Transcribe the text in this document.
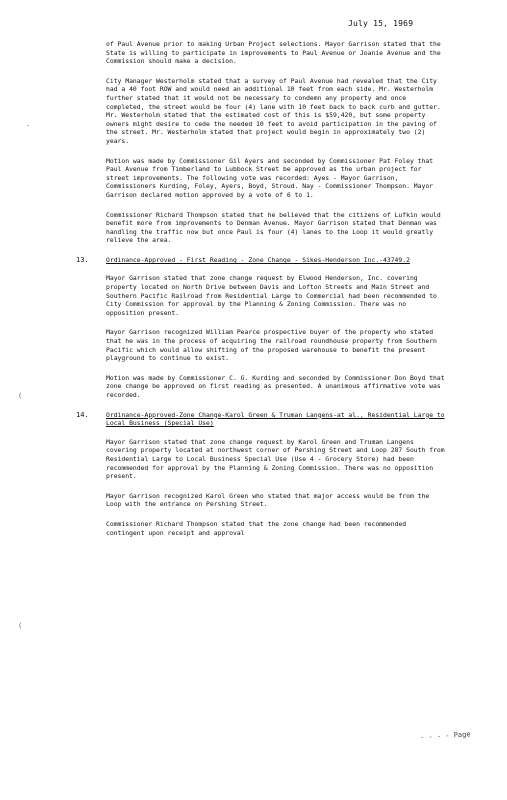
July 15, 1969
·
(
(

of Paul Avenue prior to making Urban Project selections. Mayor Garrison stated that the State is willing to participate in improvements to Paul Avenue or Joanie Avenue and the Commission should make a decision.

City Manager Westerholm stated that a survey of Paul Avenue had revealed that the City had a 40 foot ROW and would need an additional 10 feet from each side. Mr. Westerholm further stated that it would not be necessary to condemn any property and once completed, the street would be four (4) lane with 10 feet back to back curb and gutter. Mr. Westerholm stated that the estimated cost of this is $59,420, but some property owners might desire to cede the needed 10 feet to avoid participation in the paving of the street. Mr. Westerholm stated that project would begin in approximately two (2) years.

Motion was made by Commissioner Gil Ayers and seconded by Commissioner Pat Foley that Paul Avenue from Timberland to Lubbock Street be approved as the urban project for street improvements. The following vote was recorded: Ayes - Mayor Garrison, Commissioners Kurding, Foley, Ayers, Boyd, Stroud. Nay - Commissioner Thompson. Mayor Garrison declared motion approved by a vote of 6 to 1.

Commissioner Richard Thompson stated that he believed that the citizens of Lufkin would benefit more from improvements to Denman Avenue. Mayor Garrison stated that Denman was handling the traffic now but once Paul is four (4) lanes to the Loop it would greatly relieve the area.

13.	Ordinance-Approved - First Reading - Zone Change - Sikes-Henderson Inc.-43749.2

Mayor Garrison stated that zone change request by Elwood Henderson, Inc. covering property located on North Drive between Davis and Lofton Streets and Main Street and Southern Pacific Railroad from Residential Large to Commercial had been recommended to City Commission for approval by the Planning & Zoning Commission. There was no opposition present.

Mayor Garrison recognized William Pearce prospective buyer of the property who stated that he was in the process of acquiring the railroad roundhouse property from Southern Pacific which would allow shifting of the proposed warehouse to benefit the present playground to continue to exist.

Motion was made by Commissioner C. G. Kurding and seconded by Commissioner Don Boyd that zone change be approved on first reading as presented. A unanimous affirmative vote was recorded.

14.	Ordinance-Approved-Zone Change-Karol Green & Truman Langens-at al., Residential Large to Local Business (Special Use)

Mayor Garrison stated that zone change request by Karol Green and Truman Langens covering property located at northwest corner of Pershing Street and Loop 287 South from Residential Large to Local Business Special Use (Use 4 - Grocery Store) had been recommended for approval by the Planning & Zoning Commission. There was no opposition present.

Mayor Garrison recognized Karol Green who stated that major access would be from the Loop with the entrance on Pershing Street.

Commissioner Richard Thompson stated that the zone change had been recommended contingent upon receipt and approval

- - - - Page
